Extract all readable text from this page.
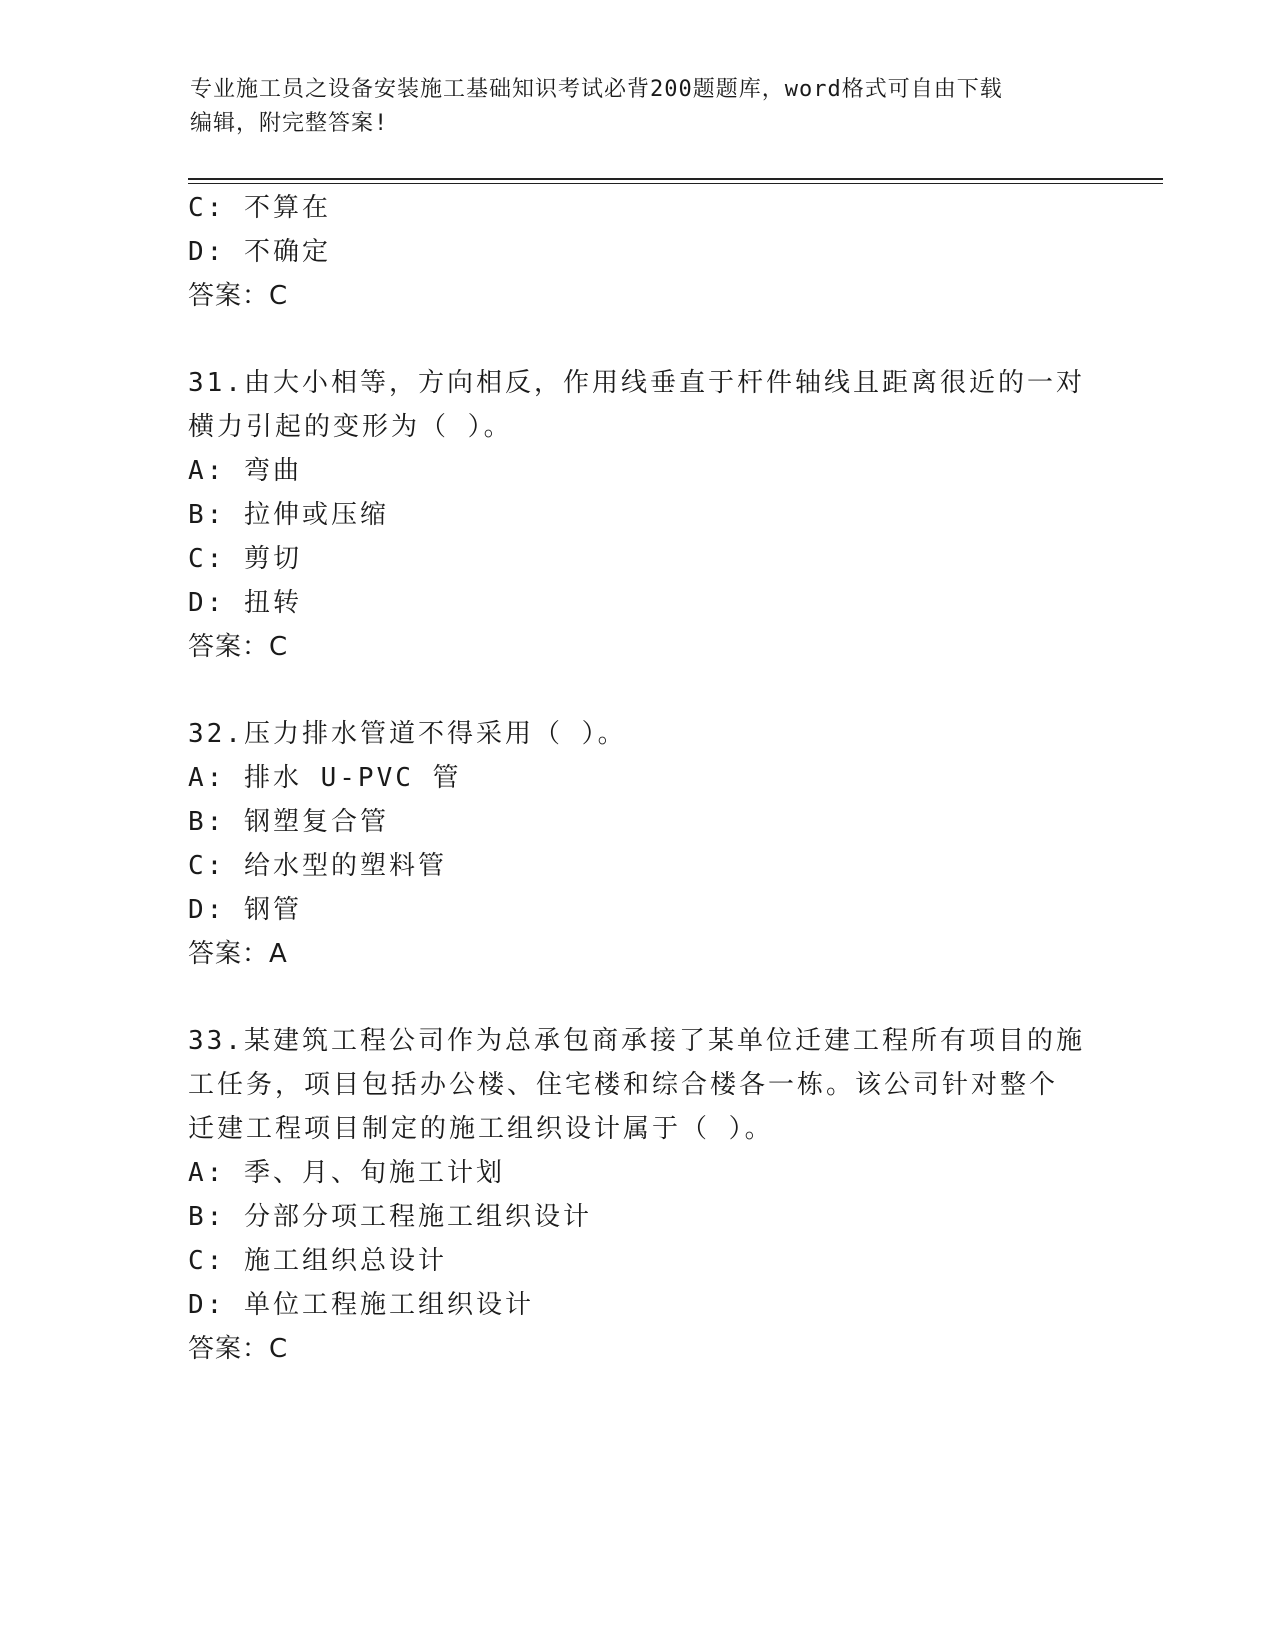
专业施工员之设备安装施工基础知识考试必背200题题库，word格式可自由下载
编辑，附完整答案!
C: 不算在
D: 不确定
答案：C
31.由大小相等，方向相反，作用线垂直于杆件轴线且距离很近的一对
横力引起的变形为（ ）。
A: 弯曲
B: 拉伸或压缩
C: 剪切
D: 扭转
答案：C
32.压力排水管道不得采用（ ）。
A: 排水 U-PVC 管
B: 钢塑复合管
C: 给水型的塑料管
D: 钢管
答案：A
33.某建筑工程公司作为总承包商承接了某单位迁建工程所有项目的施
工任务，项目包括办公楼、住宅楼和综合楼各一栋。该公司针对整个
迁建工程项目制定的施工组织设计属于（ ）。
A: 季、月、旬施工计划
B: 分部分项工程施工组织设计
C: 施工组织总设计
D: 单位工程施工组织设计
答案：C
